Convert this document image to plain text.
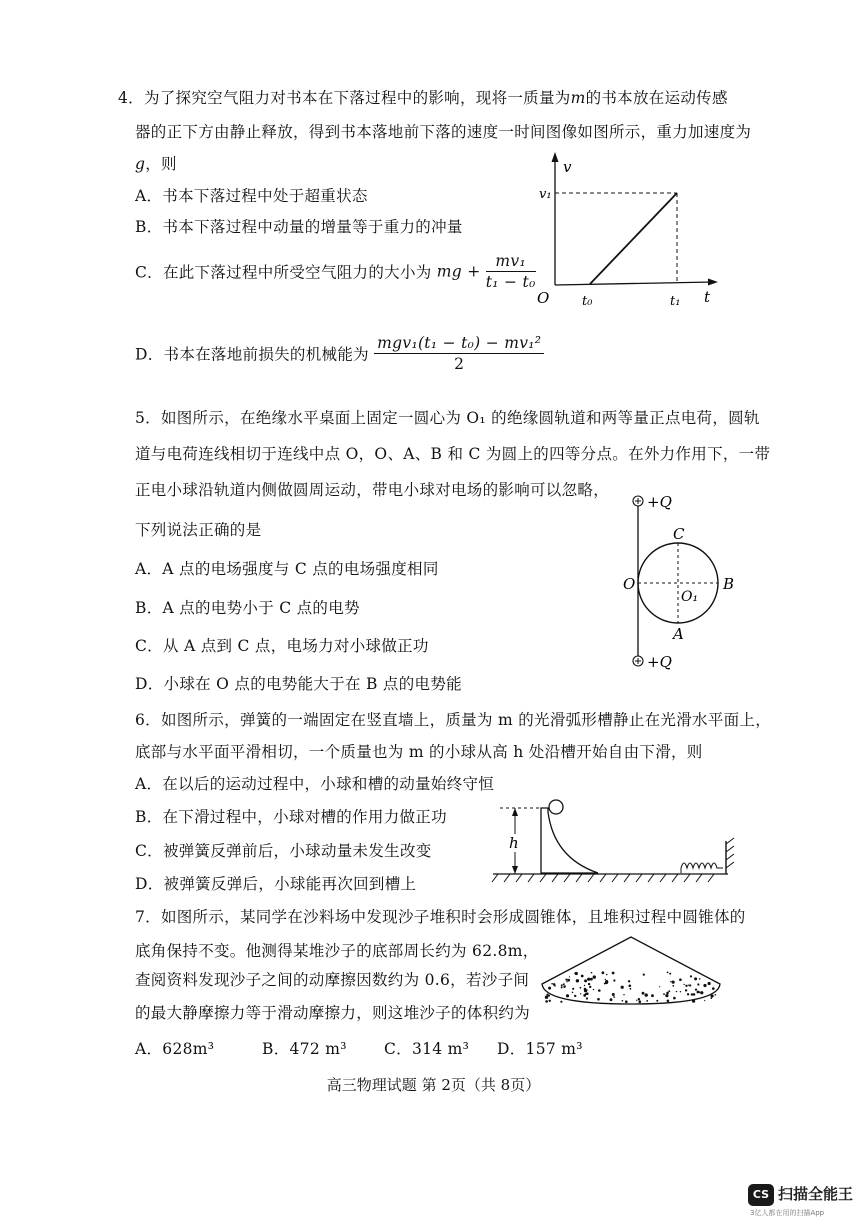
4．为了探究空气阻力对书本在下落过程中的影响，现将一质量为m的书本放在运动传感
器的正下方由静止释放，得到书本落地前下落的速度一时间图像如图所示，重力加速度为
g，则
A．书本下落过程中处于超重状态
B．书本下落过程中动量的增量等于重力的冲量
C．在此下落过程中所受空气阻力的大小为 mg + $\frac{\text{mv₁}}{\text{t₁ − t₀}}$
D．书本在落地前损失的机械能为 $\frac{\text{mgv₁(t₁ − t₀) − mv₁²}}{2}$
v
v₁
O	t₀	t₁ t
5．如图所示，在绝缘水平桌面上固定一圆心为 O₁ 的绝缘圆轨道和两等量正点电荷，圆轨
道与电荷连线相切于连线中点 O，O、A、B 和 C 为圆上的四等分点。在外力作用下，一带
正电小球沿轨道内侧做圆周运动，带电小球对电场的影响可以忽略，
下列说法正确的是
A．A 点的电场强度与 C 点的电场强度相同
B．A 点的电势小于 C 点的电势
C．从 A 点到 C 点，电场力对小球做正功
D．小球在 O 点的电势能大于在 B 点的电势能
+Q
+Q
C
O	B
O₁
A
6．如图所示，弹簧的一端固定在竖直墙上，质量为 m 的光滑弧形槽静止在光滑水平面上，
底部与水平面平滑相切，一个质量也为 m 的小球从高 h 处沿槽开始自由下滑，则
A．在以后的运动过程中，小球和槽的动量始终守恒
B．在下滑过程中，小球对槽的作用力做正功
C．被弹簧反弹前后，小球动量未发生改变
D．被弹簧反弹后，小球能再次回到槽上
h
7．如图所示，某同学在沙料场中发现沙子堆积时会形成圆锥体，且堆积过程中圆锥体的
底角保持不变。他测得某堆沙子的底部周长约为 62.8m，
查阅资料发现沙子之间的动摩擦因数约为 0.6，若沙子间
的最大静摩擦力等于滑动摩擦力，则这堆沙子的体积约为
A．628m³	B．472 m³ C．314 m³ D．157 m³
高三物理试题 第 2页（共 8页）
CS 扫描全能王
3亿人都在用的扫描App
